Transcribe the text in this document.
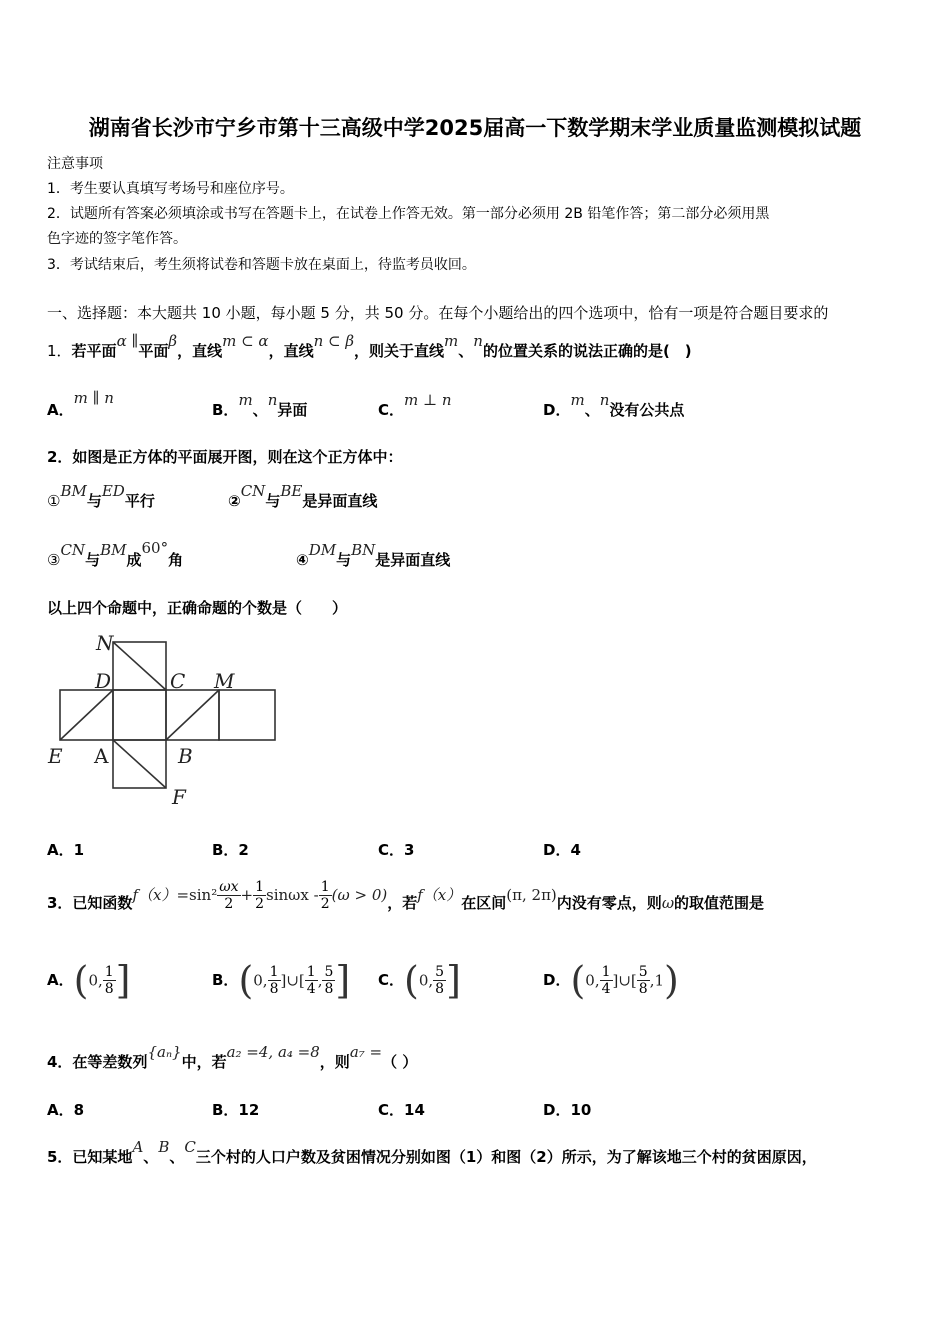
湖南省长沙市宁乡市第十三高级中学2025届高一下数学期末学业质量监测模拟试题
注意事项
1．考生要认真填写考场号和座位序号。
2．试题所有答案必须填涂或书写在答题卡上，在试卷上作答无效。第一部分必须用 2B 铅笔作答；第二部分必须用黑
色字迹的签字笔作答。
3．考试结束后，考生须将试卷和答题卡放在桌面上，待监考员收回。
一、选择题：本大题共 10 小题，每小题 5 分，共 50 分。在每个小题给出的四个选项中，恰有一项是符合题目要求的
1．若平面α ∥平面β，直线m ⊂ α，直线n ⊂ β，则关于直线m、n的位置关系的说法正确的是(　)
A．m ∥ n
B．m、n异面	C．m ⊥ n
D．m、n没有公共点
2．如图是正方体的平面展开图，则在这个正方体中：
①BM与ED平行	②CN与BE是异面直线
③CN与BM成60°角	④DM与BN是异面直线
以上四个命题中，正确命题的个数是（　　）
N
D	C M
E A	B
F
A．1	B．2	C．3	D．4
3．已知函数$f(x)=\sin^2 \frac{\omega x}{2} + \frac{1}{2}$ $\sin\omega x - \frac{1}{2} (\omega > 0)$，若f（x）在区间(π, 2π)内没有零点，则ω的取值范围是
A．(0, $\frac{1}{8}$ ]	B．(0, $\frac{1}{8}$ ]∪[ $\frac{1}{4}$ , $\frac{5}{8}$ ] C．(0, $\frac{5}{8}$ ]	D．(0, $\frac{1}{4}$ ]∪[ $\frac{5}{8} ,1$)
4．在等差数列{aₙ}中，若a₂ =4, a₄ =8，则a₇ =（ ）
A．8	B．12	C．14	D．10
5．已知某地A、B、C三个村的人口户数及贫困情况分别如图（1）和图（2）所示，为了解该地三个村的贫困原因，
